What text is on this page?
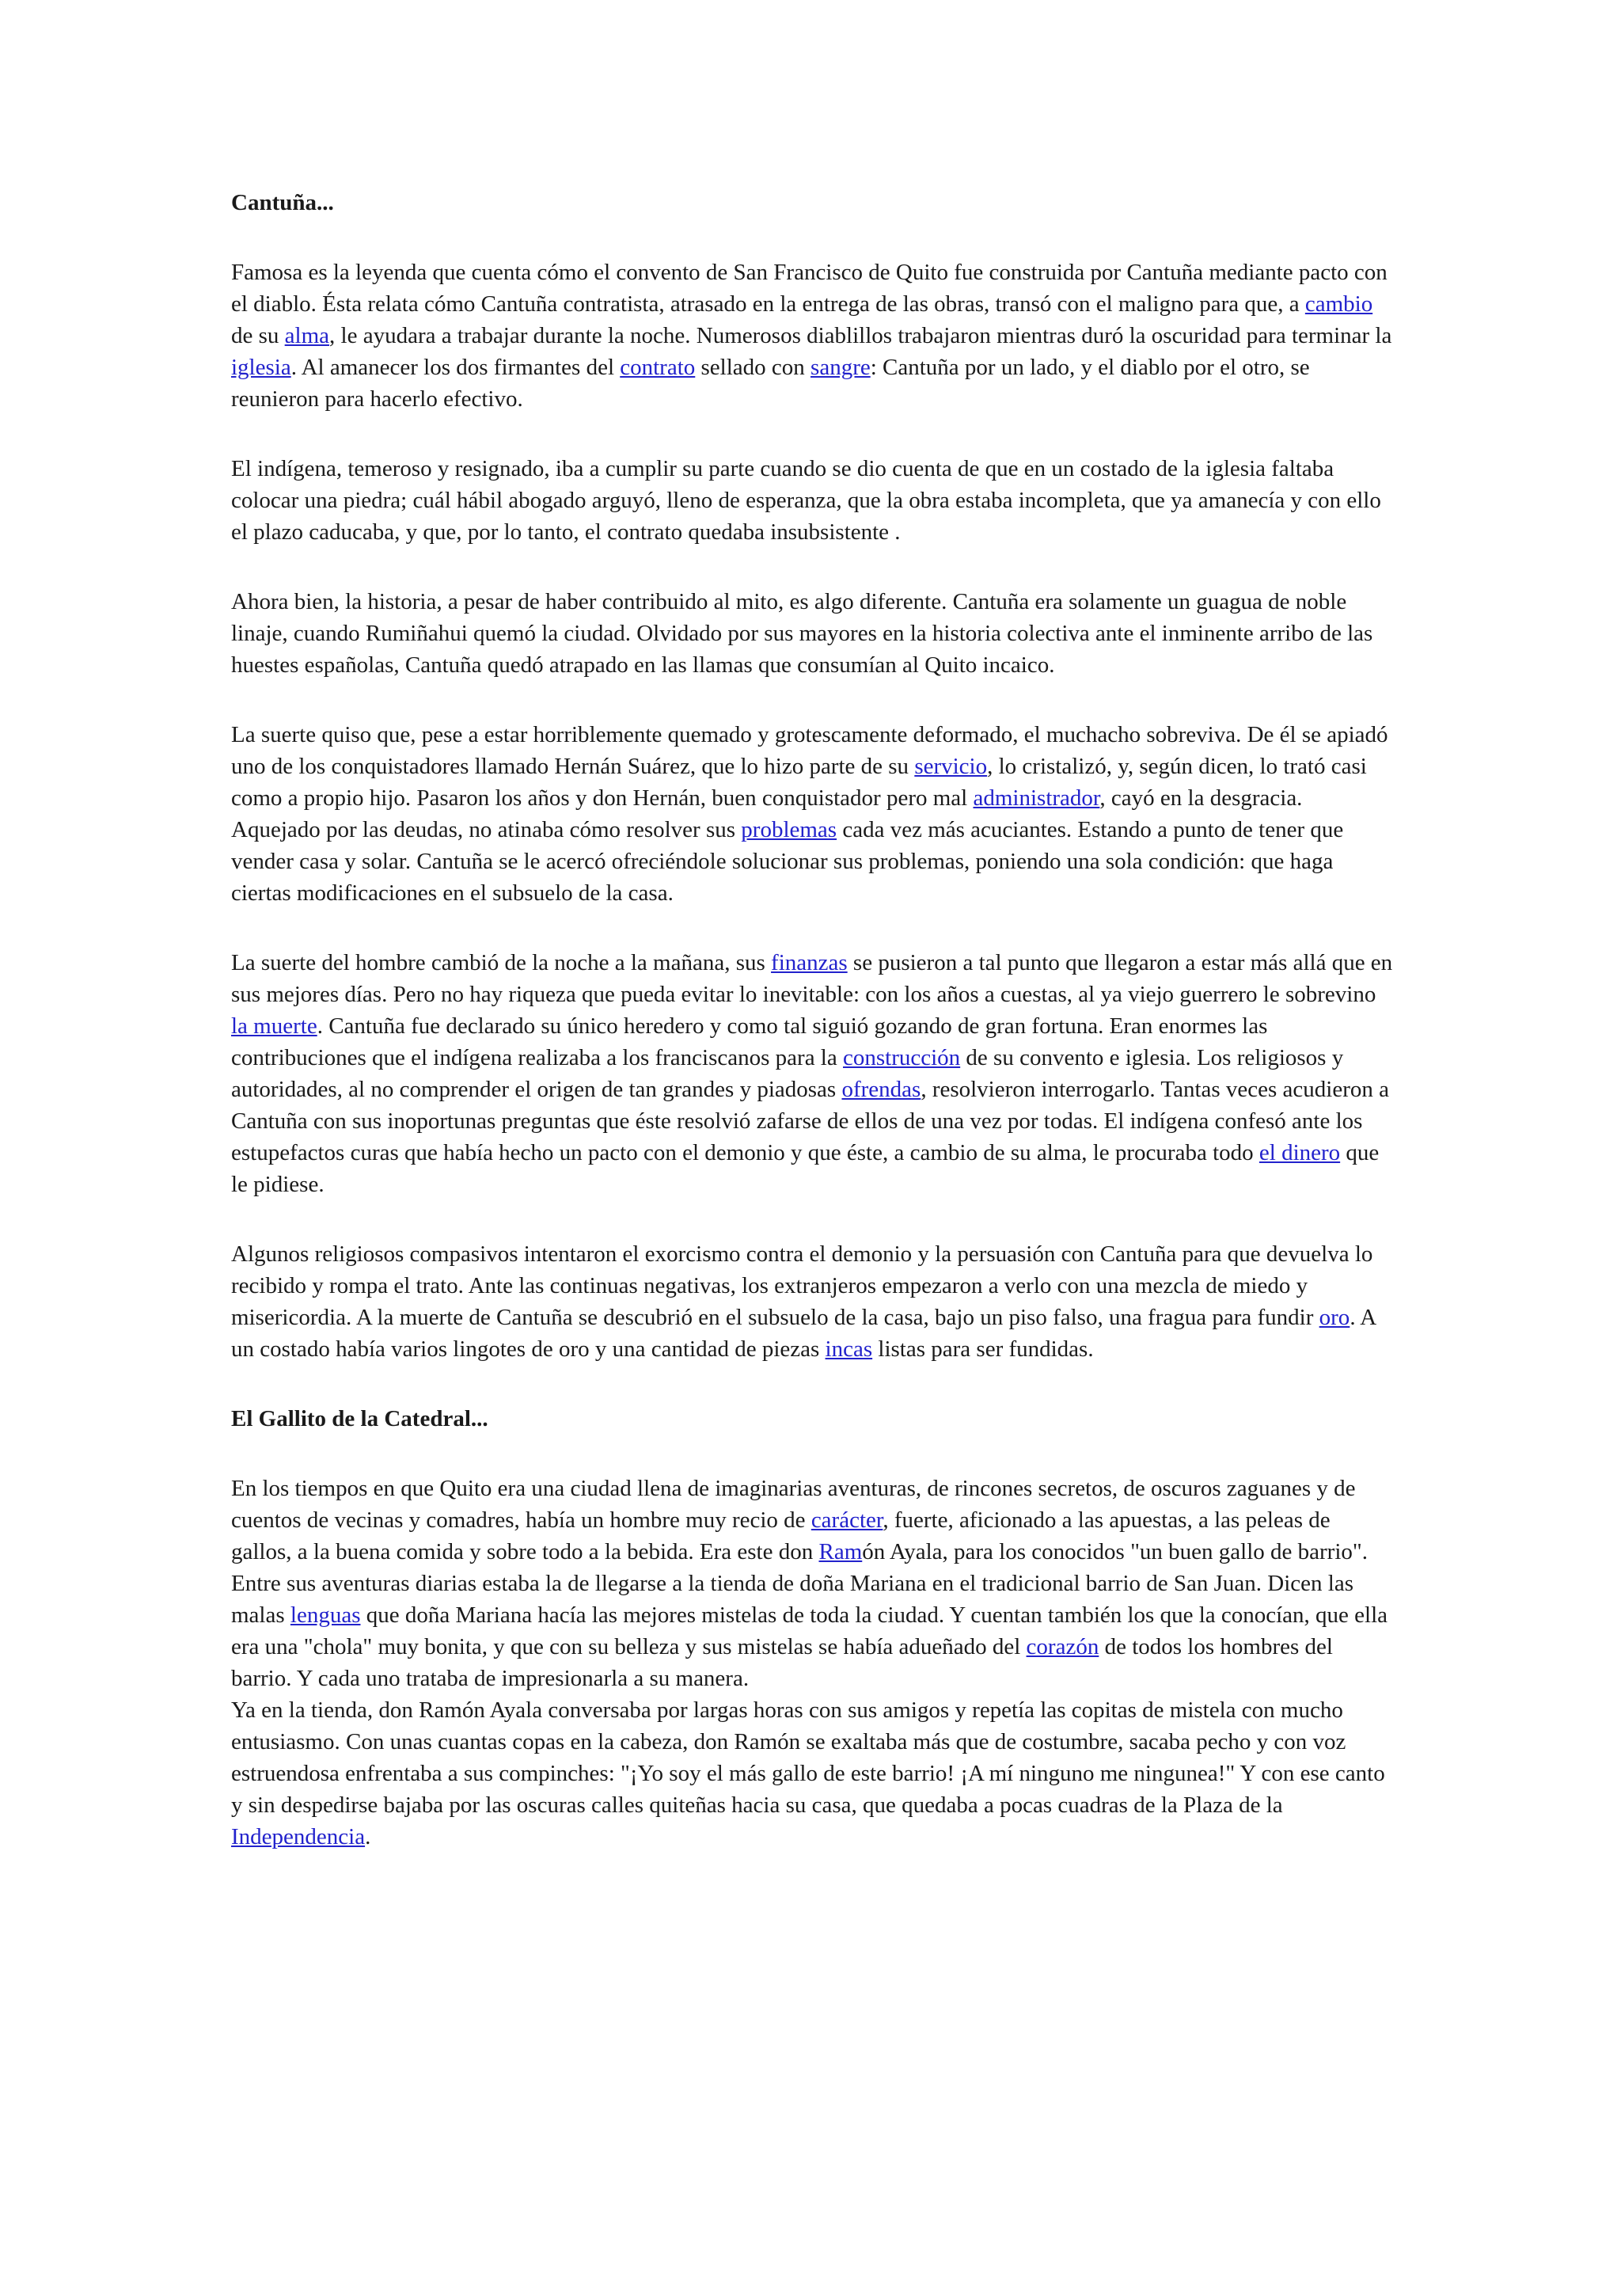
Cantuña...

Famosa es la leyenda que cuenta cómo el convento de San Francisco de Quito fue construida por Cantuña mediante pacto con el diablo. Ésta relata cómo Cantuña contratista, atrasado en la entrega de las obras, transó con el maligno para que, a cambio de su alma, le ayudara a trabajar durante la noche. Numerosos diablillos trabajaron mientras duró la oscuridad para terminar la iglesia. Al amanecer los dos firmantes del contrato sellado con sangre: Cantuña por un lado, y el diablo por el otro, se reunieron para hacerlo efectivo.

El indígena, temeroso y resignado, iba a cumplir su parte cuando se dio cuenta de que en un costado de la iglesia faltaba colocar una piedra; cuál hábil abogado arguyó, lleno de esperanza, que la obra estaba incompleta, que ya amanecía y con ello el plazo caducaba, y que, por lo tanto, el contrato quedaba insubsistente .

Ahora bien, la historia, a pesar de haber contribuido al mito, es algo diferente. Cantuña era solamente un guagua de noble linaje, cuando Rumiñahui quemó la ciudad. Olvidado por sus mayores en la historia colectiva ante el inminente arribo de las huestes españolas, Cantuña quedó atrapado en las llamas que consumían al Quito incaico.

La suerte quiso que, pese a estar horriblemente quemado y grotescamente deformado, el muchacho sobreviva. De él se apiadó uno de los conquistadores llamado Hernán Suárez, que lo hizo parte de su servicio, lo cristalizó, y, según dicen, lo trató casi como a propio hijo. Pasaron los años y don Hernán, buen conquistador pero mal administrador, cayó en la desgracia. Aquejado por las deudas, no atinaba cómo resolver sus problemas cada vez más acuciantes. Estando a punto de tener que vender casa y solar. Cantuña se le acercó ofreciéndole solucionar sus problemas, poniendo una sola condición: que haga ciertas modificaciones en el subsuelo de la casa.

La suerte del hombre cambió de la noche a la mañana, sus finanzas se pusieron a tal punto que llegaron a estar más allá que en sus mejores días. Pero no hay riqueza que pueda evitar lo inevitable: con los años a cuestas, al ya viejo guerrero le sobrevino la muerte. Cantuña fue declarado su único heredero y como tal siguió gozando de gran fortuna. Eran enormes las contribuciones que el indígena realizaba a los franciscanos para la construcción de su convento e iglesia. Los religiosos y autoridades, al no comprender el origen de tan grandes y piadosas ofrendas, resolvieron interrogarlo. Tantas veces acudieron a Cantuña con sus inoportunas preguntas que éste resolvió zafarse de ellos de una vez por todas. El indígena confesó ante los estupefactos curas que había hecho un pacto con el demonio y que éste, a cambio de su alma, le procuraba todo el dinero que le pidiese.

Algunos religiosos compasivos intentaron el exorcismo contra el demonio y la persuasión con Cantuña para que devuelva lo recibido y rompa el trato. Ante las continuas negativas, los extranjeros empezaron a verlo con una mezcla de miedo y misericordia. A la muerte de Cantuña se descubrió en el subsuelo de la casa, bajo un piso falso, una fragua para fundir oro. A un costado había varios lingotes de oro y una cantidad de piezas incas listas para ser fundidas.

El Gallito de la Catedral...

En los tiempos en que Quito era una ciudad llena de imaginarias aventuras, de rincones secretos, de oscuros zaguanes y de cuentos de vecinas y comadres, había un hombre muy recio de carácter, fuerte, aficionado a las apuestas, a las peleas de gallos, a la buena comida y sobre todo a la bebida. Era este don Ramón Ayala, para los conocidos "un buen gallo de barrio".

Entre sus aventuras diarias estaba la de llegarse a la tienda de doña Mariana en el tradicional barrio de San Juan. Dicen las malas lenguas que doña Mariana hacía las mejores mistelas de toda la ciudad. Y cuentan también los que la conocían, que ella era una "chola" muy bonita, y que con su belleza y sus mistelas se había adueñado del corazón de todos los hombres del barrio. Y cada uno trataba de impresionarla a su manera.

Ya en la tienda, don Ramón Ayala conversaba por largas horas con sus amigos y repetía las copitas de mistela con mucho entusiasmo. Con unas cuantas copas en la cabeza, don Ramón se exaltaba más que de costumbre, sacaba pecho y con voz estruendosa enfrentaba a sus compinches: "¡Yo soy el más gallo de este barrio! ¡A mí ninguno me ningunea!" Y con ese canto y sin despedirse bajaba por las oscuras calles quiteñas hacia su casa, que quedaba a pocas cuadras de la Plaza de la Independencia.
